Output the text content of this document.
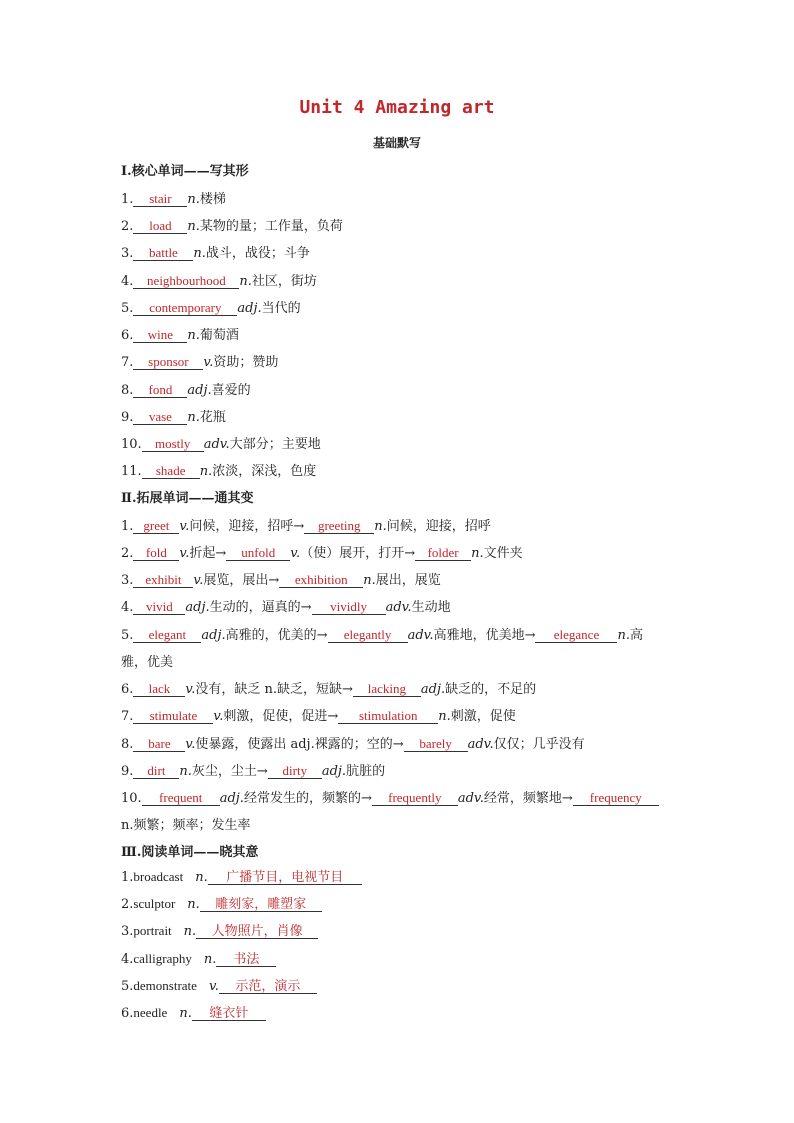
Unit 4 Amazing art
基础默写
Ⅰ.核心单词——写其形
1. stair n.楼梯
2. load n.某物的量；工作量，负荷
3. battle n.战斗，战役；斗争
4. neighbourhood n.社区，街坊
5. contemporary adj.当代的
6. wine n.葡萄酒
7. sponsor v.资助；赞助
8. fond adj.喜爱的
9. vase n.花瓶
10. mostly adv.大部分；主要地
11. shade n.浓淡，深浅，色度
Ⅱ.拓展单词——通其变
1. greet v.问候，迎接，招呼→ greeting n.问候，迎接，招呼
2. fold v.折起→ unfold v.（使）展开，打开→ folder n.文件夹
3. exhibit v.展览，展出→ exhibition n.展出，展览
4. vivid adj.生动的，逼真的→ vividly adv.生动地
5. elegant adj.高雅的，优美的→ elegantly adv.高雅地，优美地→ elegance n.高
雅，优美
6. lack v.没有，缺乏 n.缺乏，短缺→ lacking adj.缺乏的，不足的
7. stimulate v.刺激，促使，促进→ stimulation n.刺激，促使
8. bare v.使暴露，使露出 adj.裸露的；空的→ barely adv.仅仅；几乎没有
9. dirt n.灰尘，尘土→ dirty adj.肮脏的
10. frequent adj.经常发生的，频繁的→ frequently adv.经常，频繁地→ frequency
n.频繁；频率；发生率
Ⅲ.阅读单词——晓其意
1.broadcast n. 广播节目，电视节目
2.sculptor n. 雕刻家，雕塑家
3.portrait n. 人物照片，肖像
4.calligraphy n. 书法
5.demonstrate v. 示范，演示
6.needle n. 缝衣针
